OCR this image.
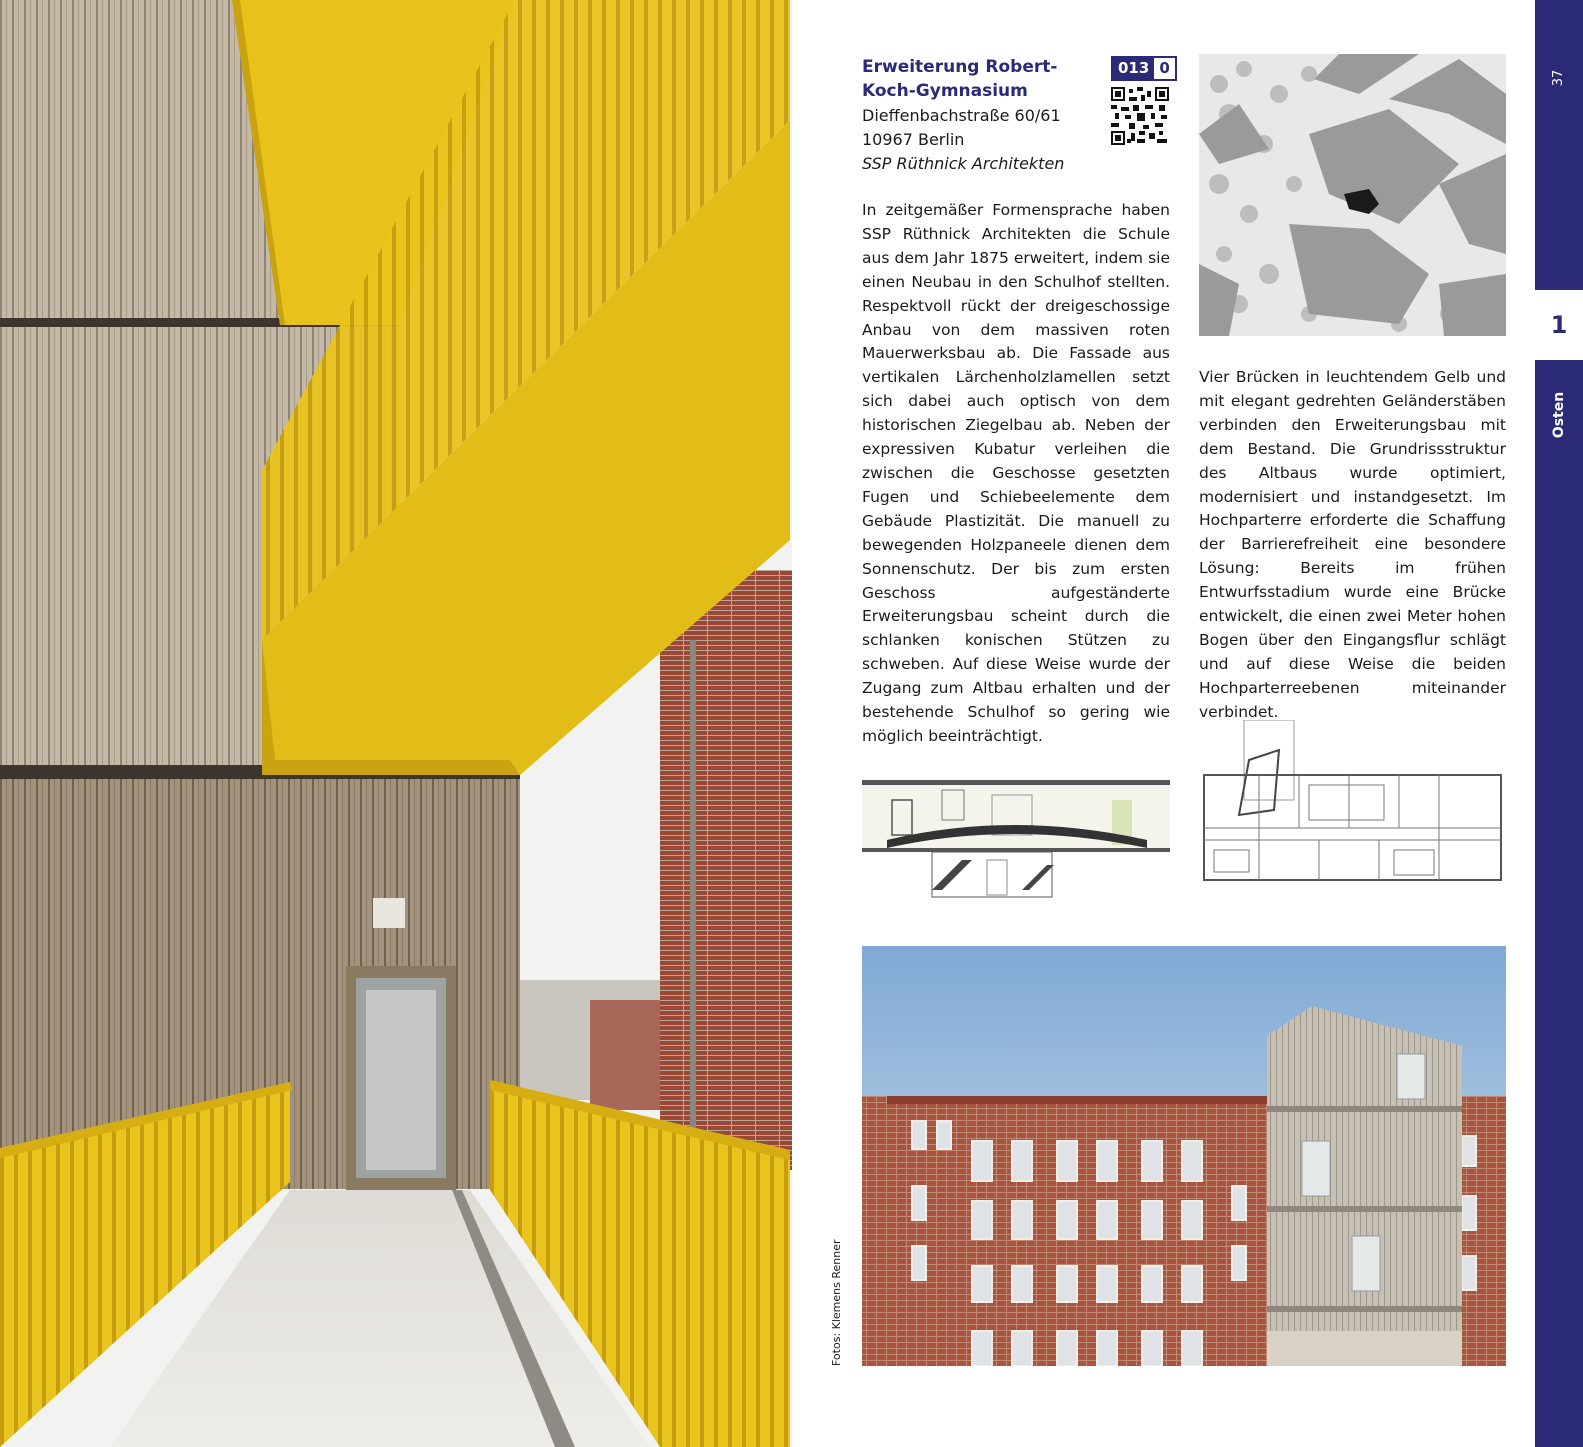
Erweiterung Robert-Koch-Gymnasium
Dieffenbachstraße 60/61
10967 Berlin
SSP Rüthnick Architekten
013 0
In zeitgemäßer Formensprache haben SSP Rüthnick Architekten die Schule aus dem Jahr 1875 erweitert, indem sie einen Neubau in den Schulhof stellten. Respektvoll rückt der dreigeschossige Anbau von dem massiven roten Mauerwerksbau ab. Die Fassade aus vertikalen Lärchenholzlamellen setzt sich dabei auch optisch von dem historischen Ziegelbau ab. Neben der expressiven Kubatur verleihen die zwischen die Geschosse gesetzten Fugen und Schiebeelemente dem Gebäude Plastizität. Die manuell zu bewegenden Holzpaneele dienen dem Sonnenschutz. Der bis zum ersten Geschoss aufgeständerte Erweiterungsbau scheint durch die schlanken konischen Stützen zu schweben. Auf diese Weise wurde der Zugang zum Altbau erhalten und der bestehende Schulhof so gering wie möglich beeinträchtigt.
Vier Brücken in leuchtendem Gelb und mit elegant gedrehten Geländerstäben verbinden den Erweiterungsbau mit dem Bestand. Die Grundrissstruktur des Altbaus wurde optimiert, modernisiert und instandgesetzt. Im Hochparterre erforderte die Schaffung der Barrierefreiheit eine besondere Lösung: Bereits im frühen Entwurfsstadium wurde eine Brücke entwickelt, die einen zwei Meter hohen Bogen über den Eingangsflur schlägt und auf diese Weise die beiden Hochparterreebenen miteinander verbindet.
Fotos: Klemens Renner
37
1
Osten
